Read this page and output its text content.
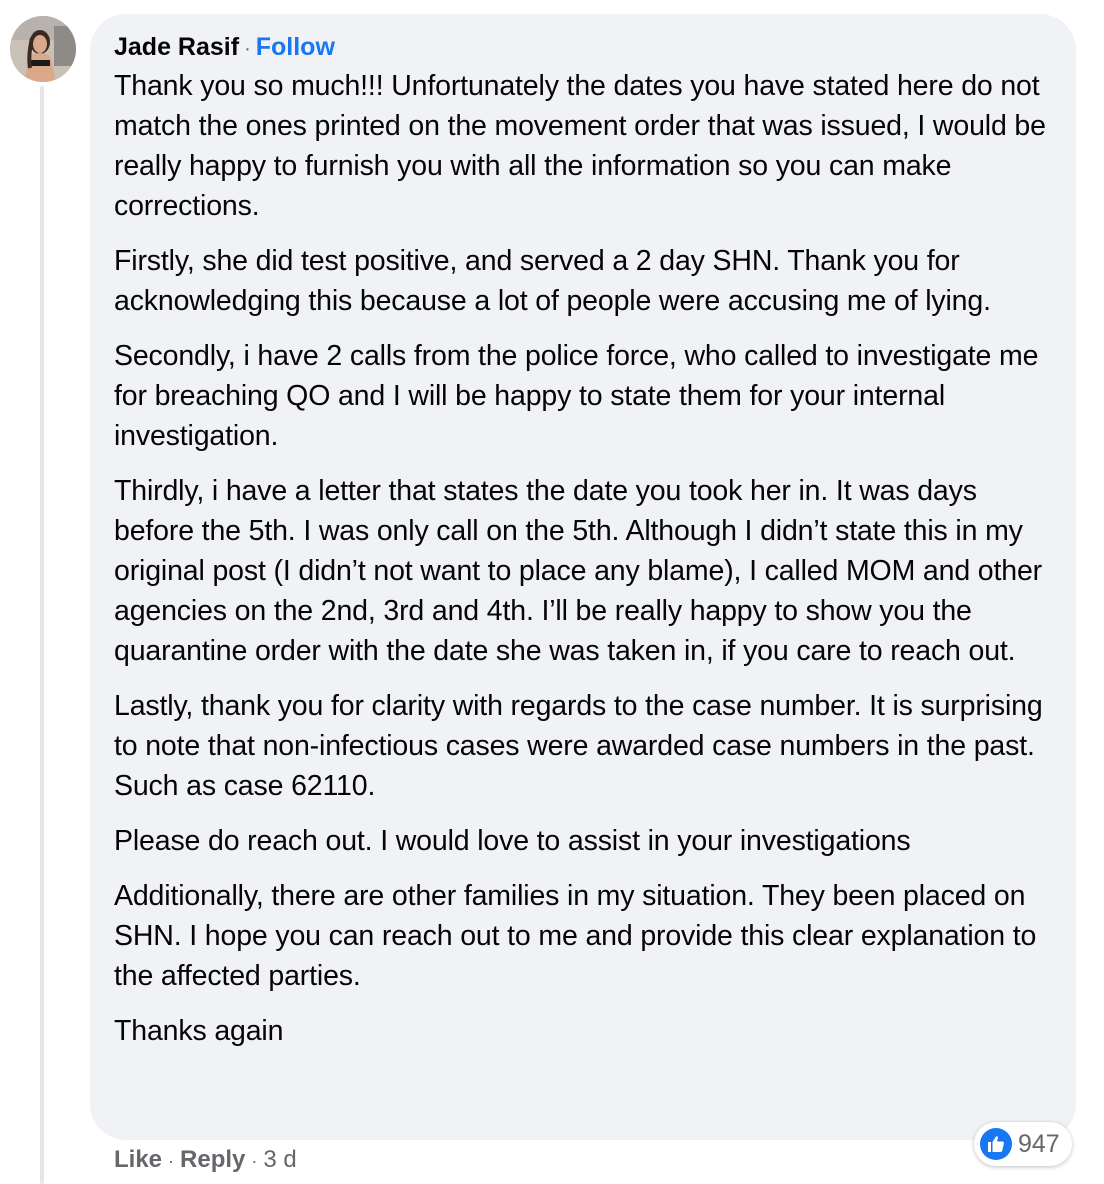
Jade Rasif · Follow

Thank you so much!!! Unfortunately the dates you have stated here do not match the ones printed on the movement order that was issued, I would be really happy to furnish you with all the information so you can make corrections.

Firstly, she did test positive, and served a 2 day SHN. Thank you for acknowledging this because a lot of people were accusing me of lying.

Secondly, i have 2 calls from the police force, who called to investigate me for breaching QO and I will be happy to state them for your internal investigation.

Thirdly, i have a letter that states the date you took her in. It was days before the 5th. I was only call on the 5th. Although I didn’t state this in my original post (I didn’t not want to place any blame), I called MOM and other agencies on the 2nd, 3rd and 4th. I’ll be really happy to show you the quarantine order with the date she was taken in, if you care to reach out.

Lastly, thank you for clarity with regards to the case number. It is surprising to note that non-infectious cases were awarded case numbers in the past. Such as case 62110.

Please do reach out. I would love to assist in your investigations

Additionally, there are other families in my situation. They been placed on SHN. I hope you can reach out to me and provide this clear explanation to the affected parties.

Thanks again

Like · Reply · 3 d
947
